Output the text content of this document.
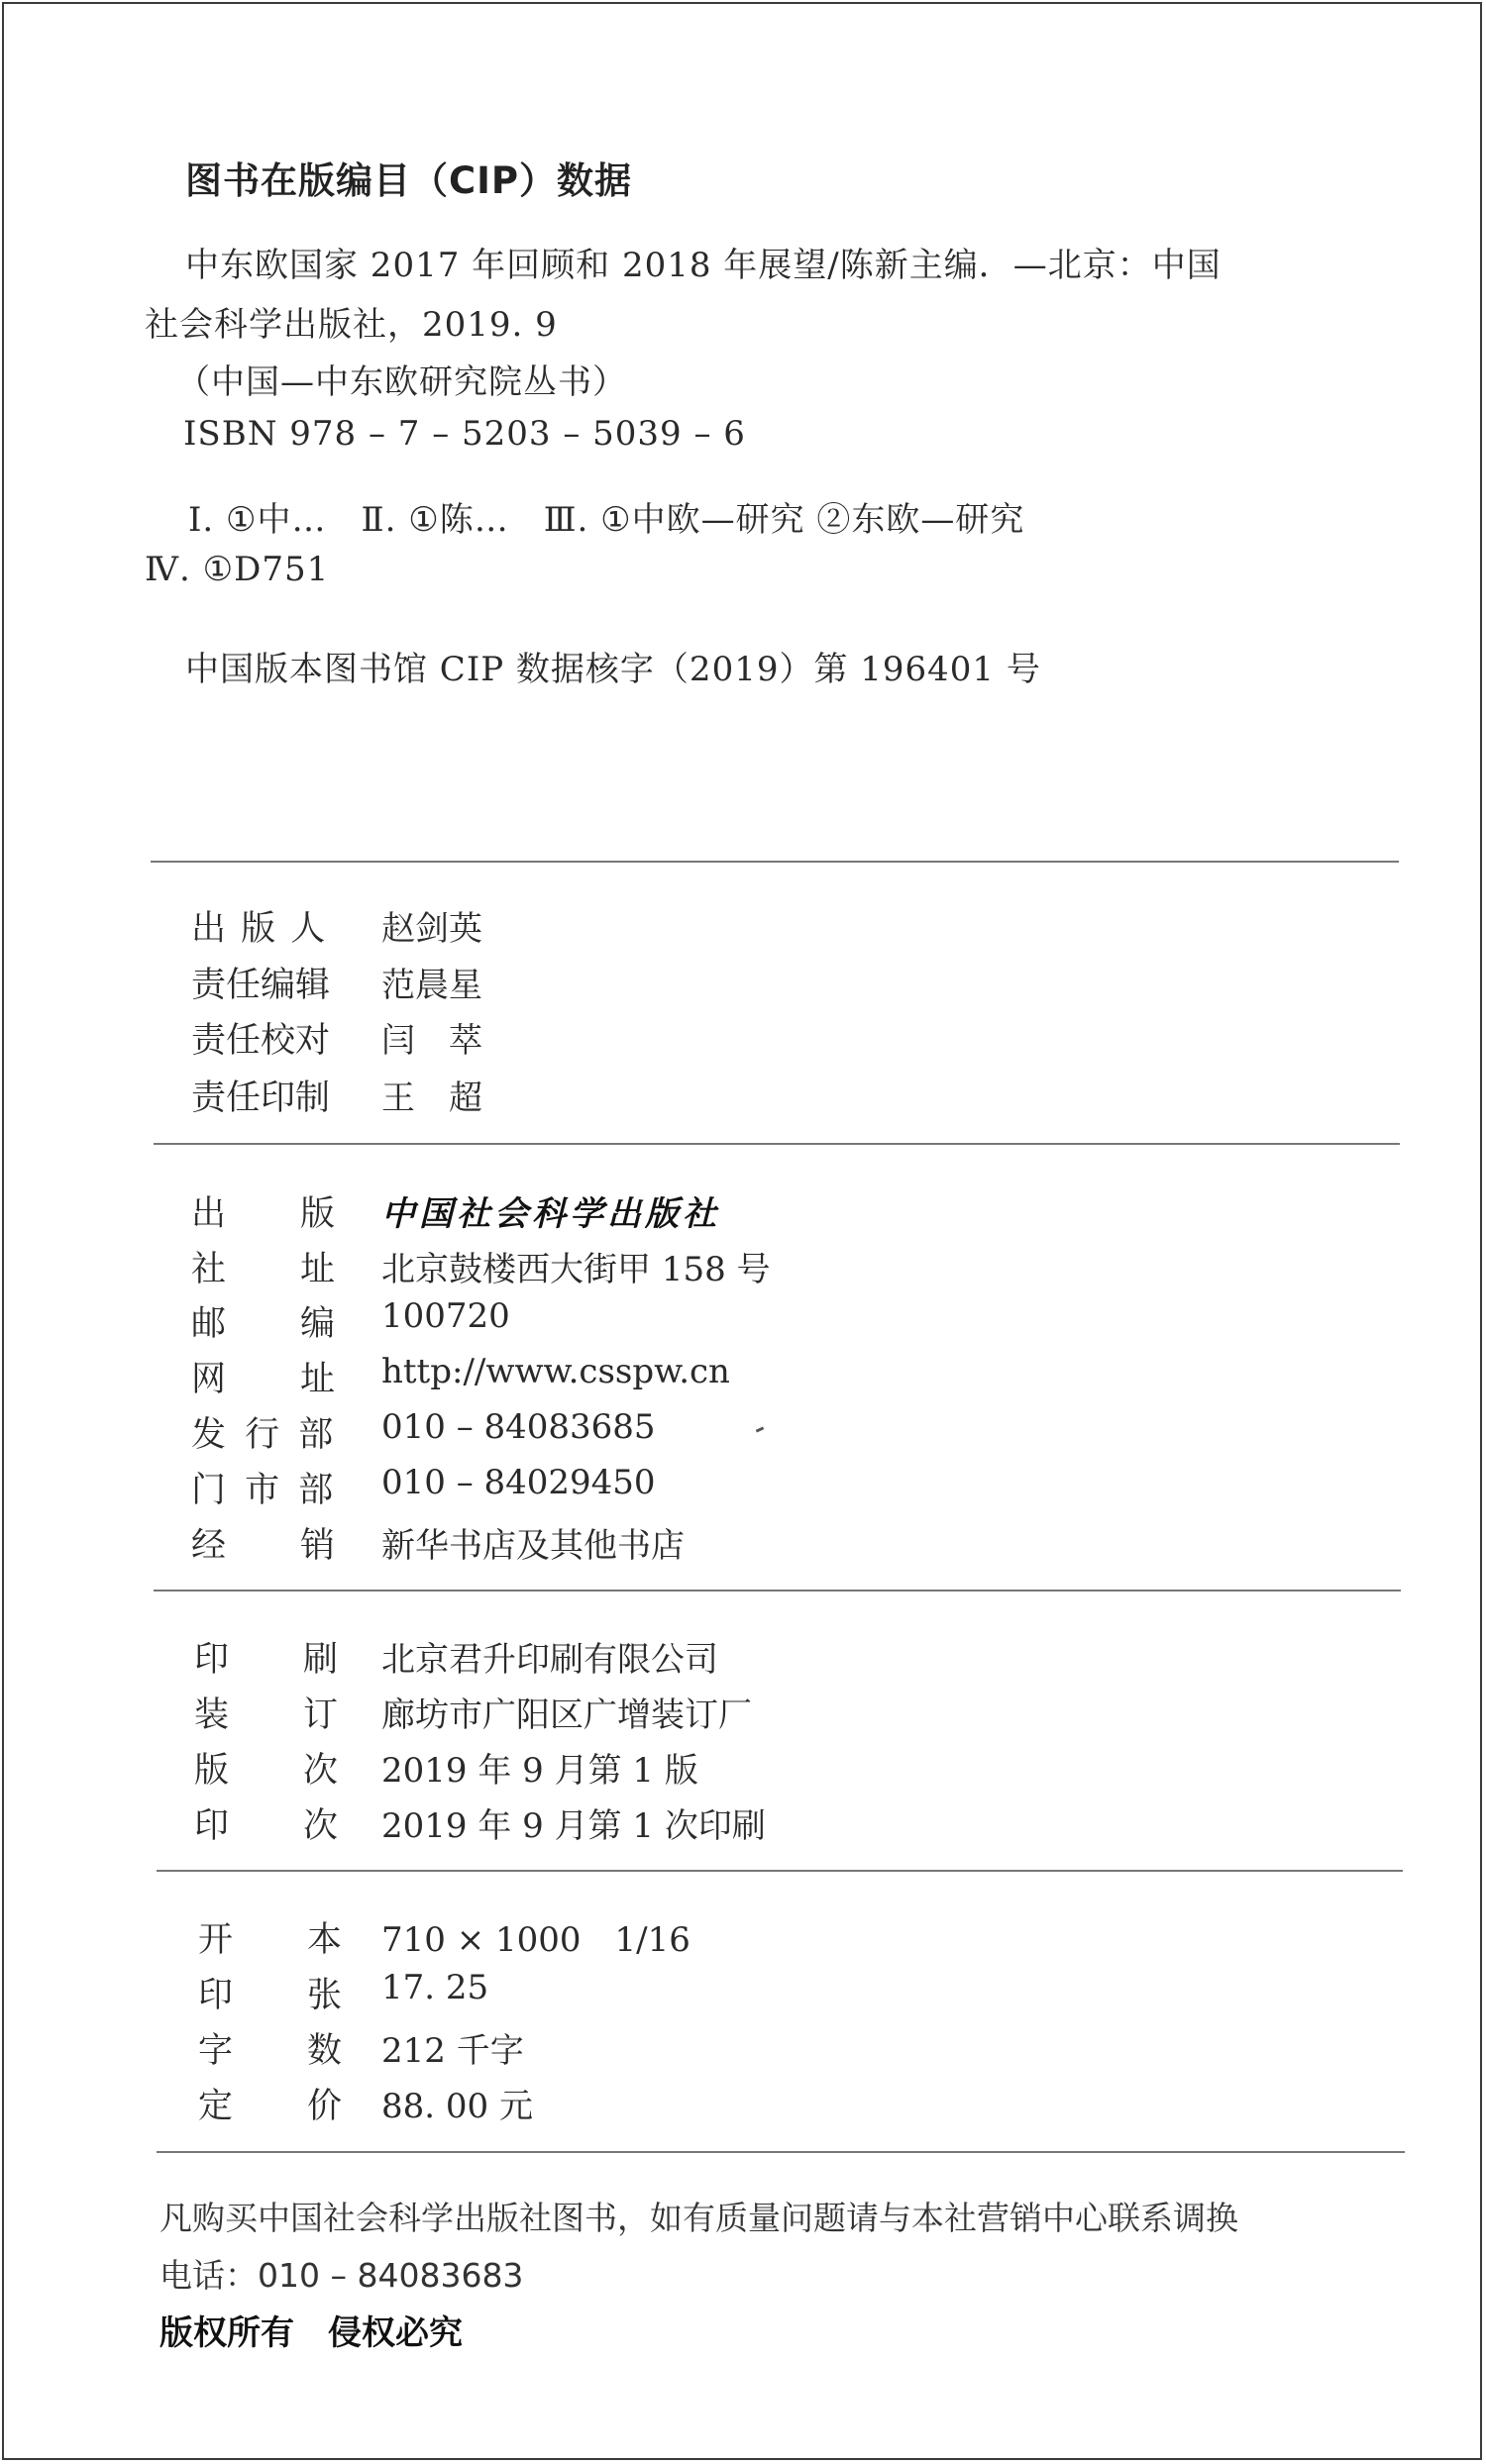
图书在版编目（CIP）数据
中东欧国家 2017 年回顾和 2018 年展望/陈新主编．—北京：中国
社会科学出版社，2019. 9
（中国—中东欧研究院丛书）
ISBN 978 – 7 – 5203 – 5039 – 6
Ⅰ. ①中…　Ⅱ. ①陈…　Ⅲ. ①中欧—研究 ②东欧—研究
Ⅳ. ①D751
中国版本图书馆 CIP 数据核字（2019）第 196401 号
出 版 人 赵剑英
责任编辑 范晨星
责任校对 闫　萃
责任印制 王　超
出 版 中国社会科学出版社
社 址 北京鼓楼西大街甲 158 号
邮 编 100720
网 址 http://www.csspw.cn
发 行 部 010 – 84083685
门 市 部 010 – 84029450
经 销 新华书店及其他书店
印 刷 北京君升印刷有限公司
装 订 廊坊市广阳区广增装订厂
版 次 2019 年 9 月第 1 版
印 次 2019 年 9 月第 1 次印刷
开 本 710 × 1000　1/16
印 张 17. 25
字 数 212 千字
定 价 88. 00 元
凡购买中国社会科学出版社图书，如有质量问题请与本社营销中心联系调换
电话：010 – 84083683
版权所有　侵权必究
